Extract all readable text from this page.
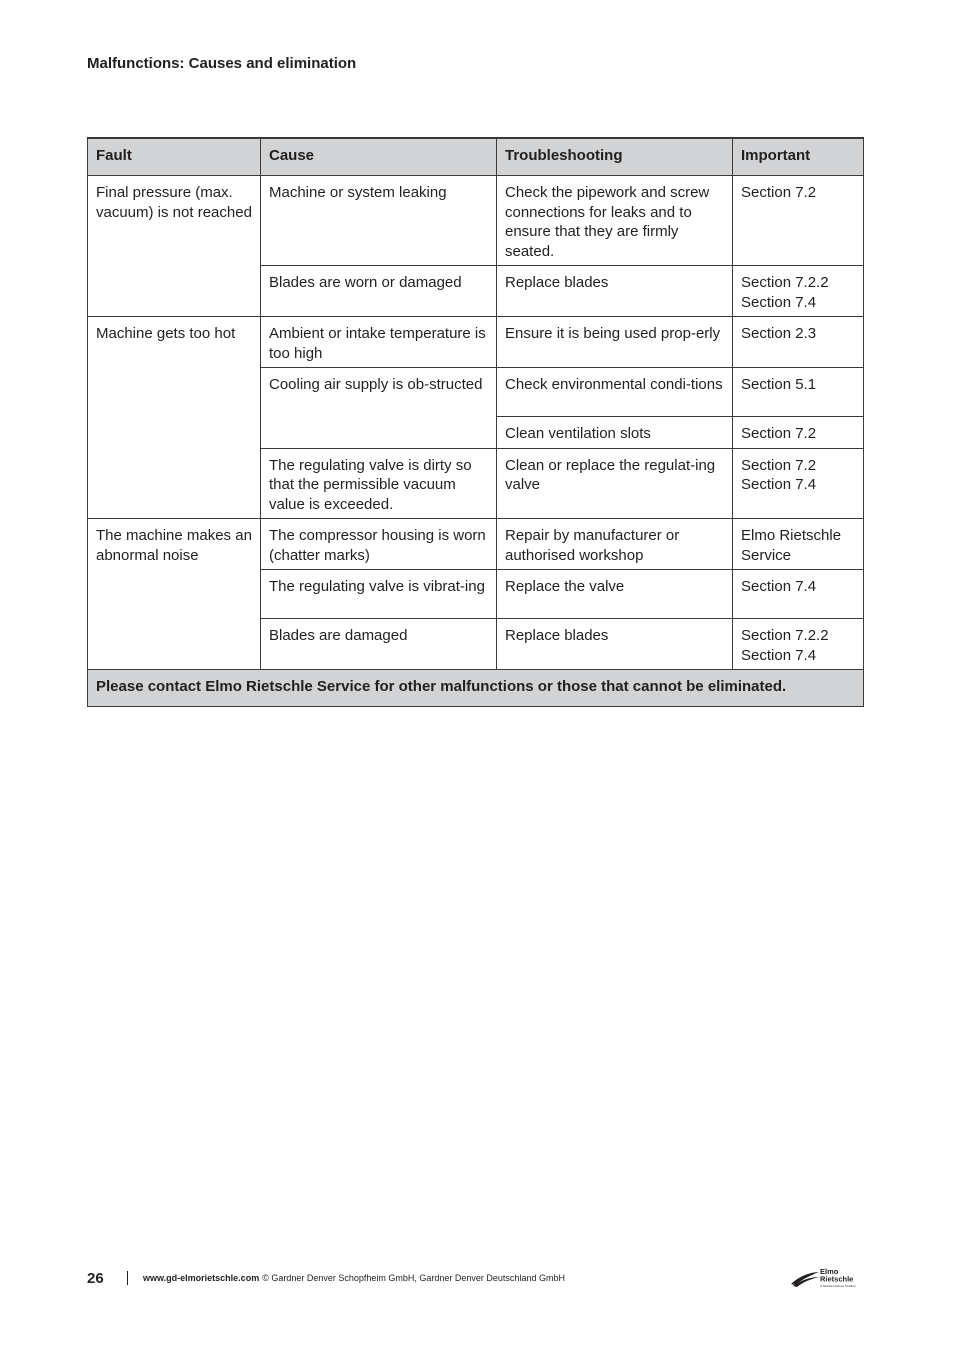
Malfunctions: Causes and elimination
Fault	Cause	Troubleshooting	Important
Final pressure (max. vacuum) is not reached	Machine or system leaking	Check the pipework and screw connections for leaks and to ensure that they are firmly seated.	Section 7.2

	Blades are worn or damaged	Replace blades	Section 7.2.2
Section 7.4

Machine gets too hot	Ambient or intake temperature is too high	Ensure it is being used prop-erly	Section 2.3

	Cooling air supply is ob-structed	Check environmental condi-tions	Section 5.1

		Clean ventilation slots	Section 7.2

	The regulating valve is dirty so that the permissible vacuum value is exceeded.	Clean or replace the regulat-ing valve	Section 7.2
Section 7.4

The machine makes an abnormal noise	The compressor housing is worn (chatter marks)	Repair by manufacturer or authorised workshop	Elmo Rietschle Service

	The regulating valve is vibrat-ing	Replace the valve	Section 7.4

	Blades are damaged	Replace blades	Section 7.2.2
Section 7.4

Please contact Elmo Rietschle Service for other malfunctions or those that cannot be eliminated.			
26	www.gd-elmorietschle.com © Gardner Denver Schopfheim GmbH, Gardner Denver Deutschland GmbH
Elmo
Rietschle
A Gardner Denver Product
